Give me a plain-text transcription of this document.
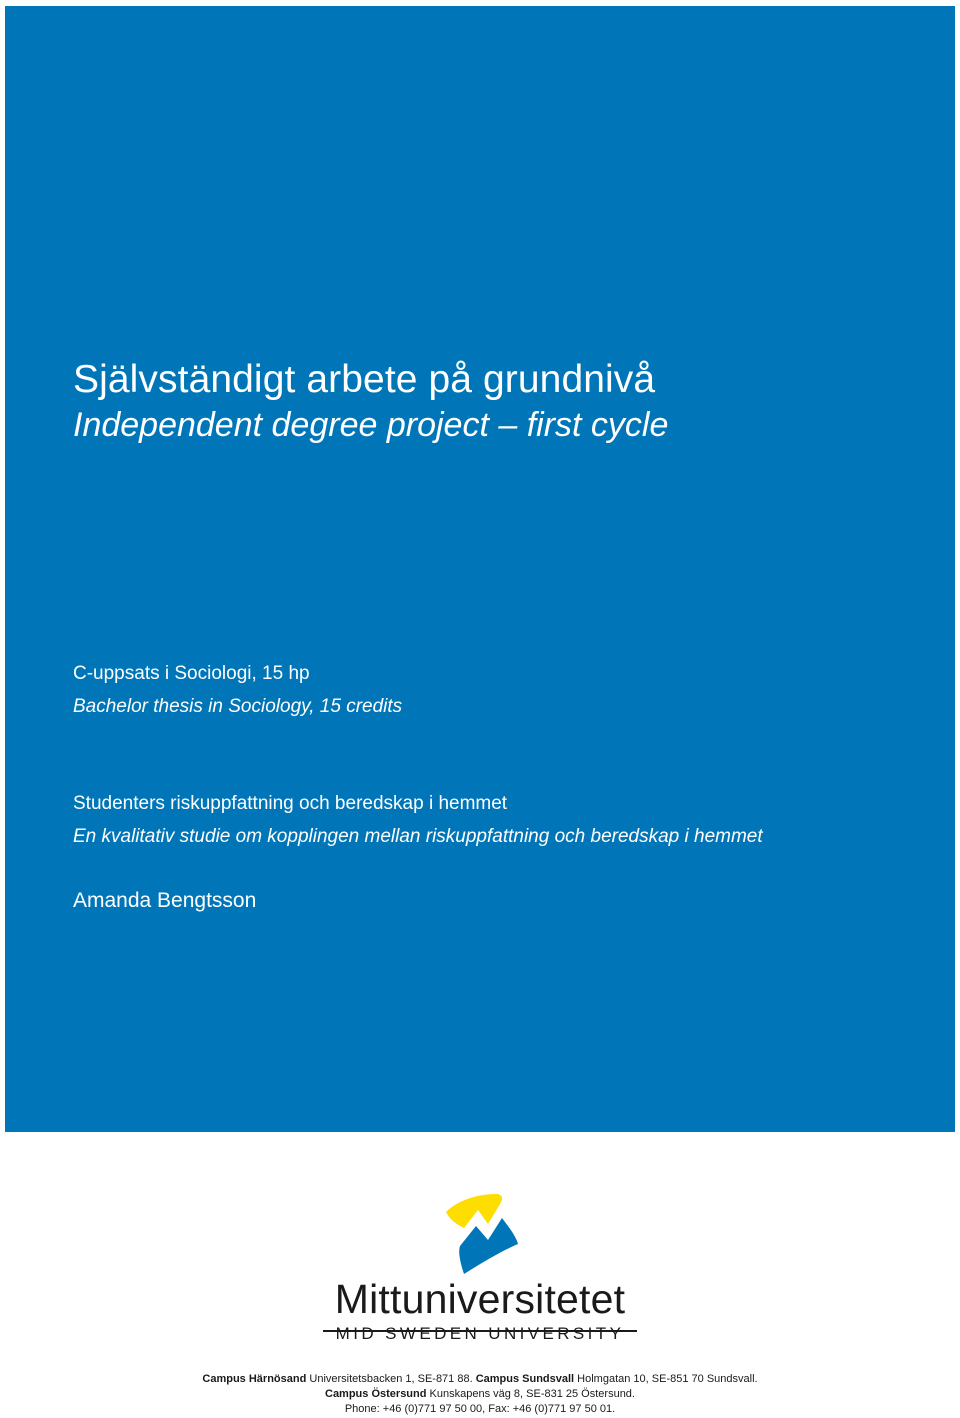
Självständigt arbete på grundnivå
Independent degree project – first cycle
C-uppsats i Sociologi, 15 hp
Bachelor thesis in Sociology, 15 credits
Studenters riskuppfattning och beredskap i hemmet
En kvalitativ studie om kopplingen mellan riskuppfattning och beredskap i hemmet
Amanda Bengtsson
Mittuniversitetet
MID SWEDEN UNIVERSITY
Campus Härnösand Universitetsbacken 1, SE-871 88. Campus Sundsvall Holmgatan 10, SE-851 70 Sundsvall.
Campus Östersund Kunskapens väg 8, SE-831 25 Östersund.
Phone: +46 (0)771 97 50 00, Fax: +46 (0)771 97 50 01.
